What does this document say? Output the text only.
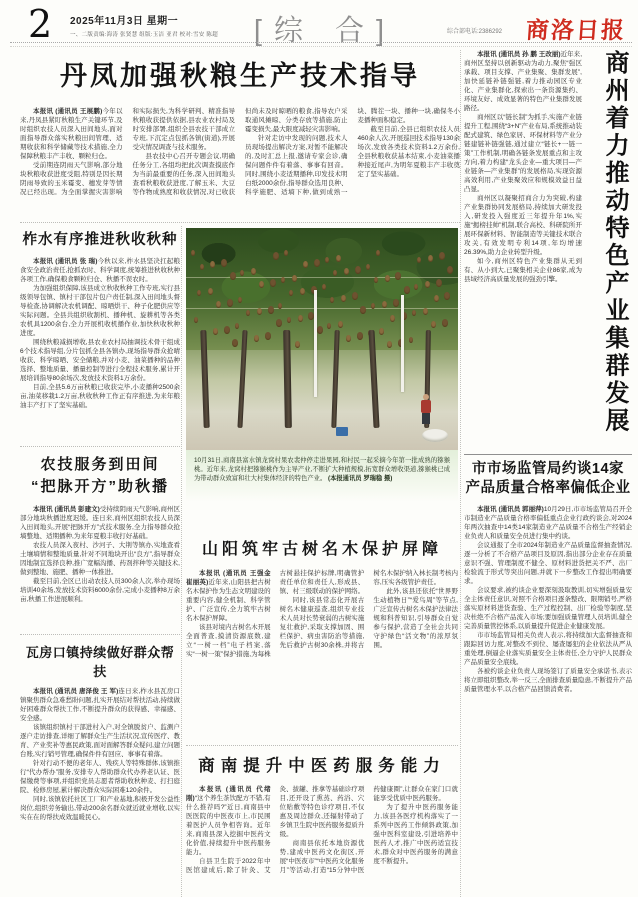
2 2025年11月3日 星期一
一、二版责编:海涛 张贤慧 组版:玉洁 亚君 校对:雪安 陈超	[综 合]	综合部电话:2386292 商洛日报
丹凤加强秋粮生产技术指导

本报讯 (通讯员 王展鹏)今年以来,丹凤县紧盯秋粮生产关键环节,及时组织农技人员深入田间地头,面对面指导群众落实秋粮田间管理、适期收获和科学储藏等技术措施,全力保障秋粮丰产丰收、颗粒归仓。

受前期连阴雨天气影响,部分地块秋粮收获进度受阻,特别是因长期阴雨导致的玉米霉变、穗发芽等情况已经出现。为全面掌握灾害影响和实际损失,为科学研判、精准指导秋粮收获提供依据,县农业农村局及时安排部署,组织全县农技干部成立专班,下沉定点包抓各镇(街道),开展受灾情况调查与技术服务。

县农技中心召开专题会议,明确任务分工,各组均把此次调查摸底作为当前最重要的任务,深入田间地头查看秋粮收获进度,了解玉米、大豆等作物成熟度和收获情况,对已收获但尚未及时晾晒的粮食,指导农户采取通风摊晾、分类存放等措施,防止霉变损失,最大限度减轻灾害影响。

针对走访中发现的问题,技术人员现场提出解决方案,对暂不能解决的,及时汇总上报,邀请专家会诊,确保问题件件有着落、事事有回音。同时,围绕小麦适期播种,印发技术明白纸2000余份,指导群众选用良种、科学施肥、适墒下种,做到成熟一块、腾茬一块、播种一块,确保冬小麦播种面积稳定。

截至目前,全县已组织农技人员460余人次,开展巡回技术指导130余场次,发放各类技术资料1.2万余份,全县秋粮收获基本结束,小麦油菜播种接近尾声,为明年夏粮丰产丰收奠定了坚实基础。

柞水有序推进秋收秋种

本报讯 (通讯员 张 瑞)今秋以来,柞水县坚决扛起粮食安全政治责任,抢抓农时、科学调度,统筹推进秋收秋种各项工作,确保粮食颗粒归仓、秋播不误农时。

为加强组织保障,该县成立秋收秋种工作专班,实行县级领导包镇、镇村干部包片包户责任制,深入田间地头督导检查,协调解决农机调配、晾晒烘干、种子化肥供应等实际问题。全县共组织收割机、播种机、旋耕机等各类农机具1200余台,全力开展机收机播作业,加快秋收秋种进度。

围绕秋粮减损增收,县农业农村局抽调技术骨干组成6个技术指导组,分片包抓全县各镇办,现场指导群众抢晴收获、科学晾晒、安全储粮,并对小麦、油菜播种的品种选择、整地质量、播量控制等进行全程技术服务,累计开展培训指导80余场次,发放技术资料1万余份。

目前,全县5.6万亩秋粮已收获完毕,小麦播种2500余亩,油菜移栽1.2万亩,秋收秋种工作正有序推进,为来年粮油丰产打下了坚实基础。

农技服务到田间
“把脉开方”助秋播

本报讯 (通讯员 彭建文)受持续阴雨天气影响,商州区部分地块秋播进度迟缓。连日来,商州区组织农技人员深入田间地头,开展“把脉开方”式技术服务,全力指导群众抢墒整地、适期播种,为来年夏粮丰收打好基础。

农技人员深入夜村、沙河子、大荆等镇办,实地查看土壤墒情和整地质量,针对不同地块开出“良方”,指导群众因地制宜选择良种,推广宽幅沟播、药剂拌种等关键技术,做到整地、施肥、播种一体推进。

截至目前,全区已出动农技人员300余人次,举办现场培训40余场,发放技术资料6000余份,完成小麦播种8万余亩,秋播工作进展顺利。

瓦房口镇持续做好群众帮扶

本报讯 (通讯员 唐泽俊 王 军)连日来,柞水县瓦房口镇聚焦群众急难愁盼问题,扎实开展结对帮扶活动,持续做好困难群众帮扶工作,不断提升群众的获得感、幸福感、安全感。

该镇组织镇村干部进村入户,对全镇脱贫户、监测户逐户走访排查,详细了解群众生产生活状况,宣传医疗、教育、产业奖补等惠民政策,面对面解答群众疑问,建立问题台账,实行销号管理,确保件件有回应、事事有着落。

针对行动不便的老年人、残疾人等特殊群体,该镇推行“代办帮办”服务,安排专人帮助群众代办养老认证、医保缴费等事项,并组织党员志愿者帮助收秋种麦、打扫庭院、检修房屋,累计解决群众实际困难120余件。

同时,该镇依托社区工厂和产业基地,积极开发公益性岗位,组织劳务输出,带动200余名群众就近就业增收,以实实在在的帮扶成效温暖民心。

10月31日,商南县富水镇龙窝村果农裴仲停走进果园,和村民一起采摘今年第一批成熟的猕猴桃。近年来,龙窝村把猕猴桃作为主导产业,不断扩大种植规模,拓宽群众增收渠道,猕猴桃已成为带动群众致富和壮大村集体经济的特色产业。 (本报通讯员 罗瑞稳 摄)
山阳筑牢古树名木保护屏障

本报讯 (通讯员 王强金 崔丽英)近年来,山阳县把古树名木保护作为生态文明建设的重要内容,健全机制、科学管护、广泛宣传,全力筑牢古树名木保护屏障。

该县对境内古树名木开展全面普查,摸清资源底数,建立“一树一档”电子档案,落实“一树一策”保护措施,为每株古树悬挂保护标牌,明确管护责任单位和责任人,形成县、镇、村三级联动的保护网络。

同时,该县常态化开展古树名木健康巡查,组织专业技术人员对长势衰弱的古树实施复壮救护,采取支撑加固、围栏保护、病虫害防治等措施,先后救护古树30余株,并将古树名木保护纳入林长制考核内容,压实各级管护责任。

此外,该县还依托“世界野生动植物日”“爱鸟周”等节点,广泛宣传古树名木保护法律法规和科普知识,引导群众自觉参与保护,营造了全社会共同守护绿色“活文物”的浓厚氛围。

商南提升中医药服务能力

本报讯 (通讯员 代绪刚)“这个养生茶饮配方不错,有什么推荐吗?”近日,商南县中医医院的中医夜市上,市民围着医护人员争相咨询。近年来,商南县深入挖掘中医药文化价值,持续提升中医药服务能力。

自县卫生院于2022年中医馆建成后,除了针灸、艾灸、拔罐、推拿等基础诊疗项目,还开设了熏蒸、药浴、穴位贴敷等特色诊疗项目,不仅惠及周边群众,还辐射带动了乡镇卫生院中医药服务提质升级。

商南县依托本地资源优势,建成中医药文化街区,开展“中医夜市”“中医药文化服务月”等活动,打造“15分钟中医药健康圈”,让群众在家门口就能享受优质中医药服务。

为了提升中医药服务能力,该县各医疗机构落实了一系列中医药工作倾斜政策,加强中医科室建设,引进培养中医药人才,推广中医药适宜技术,群众对中医药服务的满意度不断提升。

本报讯 (通讯员 孙 鹏 王改丽)近年来,商州区坚持以创新驱动为动力,聚焦“强区承载、项目支撑、产业集聚、集群发展”,加快延链补链强链,着力推动园区专业化、产业集群化,探索出一条资源集约、环境友好、成效显著的特色产业集群发展路径。

商州区以“链长制”为抓手,实施产业链提升工程,围绕“3+N”产业布局,系统推动装配式建筑、绿色家居、环保材料等产业分链建链补链强链,通过建立“链长+一链一策”工作机制,明确各链条发展重点和主攻方向,着力构建“龙头企业—重大项目—产业链条—产业集群”的发展格局,实现资源高效利用,产业集聚效应和规模效益日益凸显。

商州区以凝聚招商合力为突破,构建产业集群协同发展格局,持续加大研发投入,研发投入强度近三年提升年1%,实施“揭榜挂帅”机制,联合高校、科研院所开展环保新材料、智能制造等关键技术联合攻关,有效发明专利14项,年均增速26.39%,助力企业转型升级。

如今,商州区特色产业集群从无到有、从小到大,已聚集相关企业86家,成为县域经济高质量发展的强劲引擎。	商州着力推动特色产业集群发展
市市场监管局约谈14家
产品质量合格率偏低企业

本报讯 (通讯员 郭丽萍)10月29日,市市场监管局召开全市制造业产品质量合格率偏低重点企业行政约谈会,对2024年两次抽查中14类14家制造业产品质量不合格生产经销企业负责人和质量安全员进行集中约谈。

会议通报了全市2024年制造业产品质量监督抽查情况,逐一分析了不合格产品项目及原因,指出部分企业存在质量意识不强、管理制度不健全、原材料进货把关不严、出厂检验流于形式等突出问题,并就下一步整改工作提出明确要求。

会议要求,被约谈企业要深刻汲取教训,切实增强质量安全主体责任意识,对照不合格项目逐条整改、限期销号,严格落实原材料进货查验、生产过程控制、出厂检验等制度,坚决杜绝不合格产品流入市场;要加强质量管理人员培训,健全完善质量管控体系,以质量提升促进企业健康发展。

市市场监管局相关负责人表示,将持续加大监督抽查和跟踪回访力度,对整改不到位、屡查屡犯的企业依法从严从重处理,倒逼企业落实质量安全主体责任,全力守护人民群众产品质量安全底线。

各被约谈企业负责人现场签订了质量安全承诺书,表示将立即组织整改,举一反三,全面排查质量隐患,不断提升产品质量管理水平,以合格产品回馈消费者。
